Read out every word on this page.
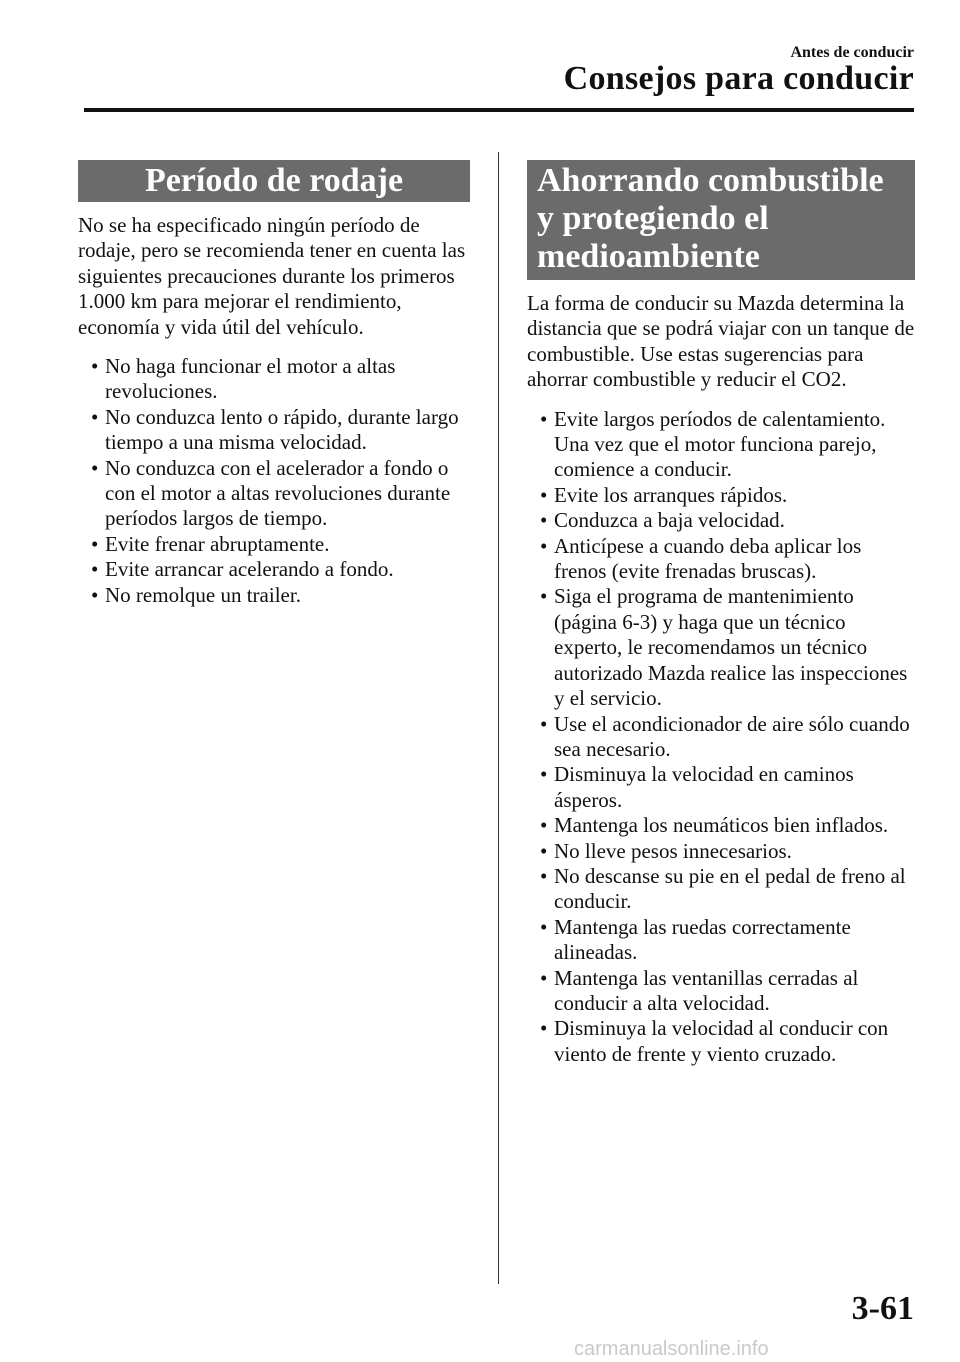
Antes de conducir
Consejos para conducir
Período de rodaje

No se ha especificado ningún período de rodaje, pero se recomienda tener en cuenta las siguientes precauciones durante los primeros 1.000 km para mejorar el rendimiento, economía y vida útil del vehículo.

• No haga funcionar el motor a altas revoluciones.
• No conduzca lento o rápido, durante largo tiempo a una misma velocidad.
• No conduzca con el acelerador a fondo o con el motor a altas revoluciones durante períodos largos de tiempo.
• Evite frenar abruptamente.
• Evite arrancar acelerando a fondo.
• No remolque un trailer.
Ahorrando combustible y protegiendo el medioambiente

La forma de conducir su Mazda determina la distancia que se podrá viajar con un tanque de combustible. Use estas sugerencias para ahorrar combustible y reducir el CO2.

• Evite largos períodos de calentamiento. Una vez que el motor funciona parejo, comience a conducir.
• Evite los arranques rápidos.
• Conduzca a baja velocidad.
• Anticípese a cuando deba aplicar los frenos (evite frenadas bruscas).
• Siga el programa de mantenimiento (página 6-3) y haga que un técnico experto, le recomendamos un técnico autorizado Mazda realice las inspecciones y el servicio.
• Use el acondicionador de aire sólo cuando sea necesario.
• Disminuya la velocidad en caminos ásperos.
• Mantenga los neumáticos bien inflados.
• No lleve pesos innecesarios.
• No descanse su pie en el pedal de freno al conducir.
• Mantenga las ruedas correctamente alineadas.
• Mantenga las ventanillas cerradas al conducir a alta velocidad.
• Disminuya la velocidad al conducir con viento de frente y viento cruzado.
3-61
carmanualsonline.info
